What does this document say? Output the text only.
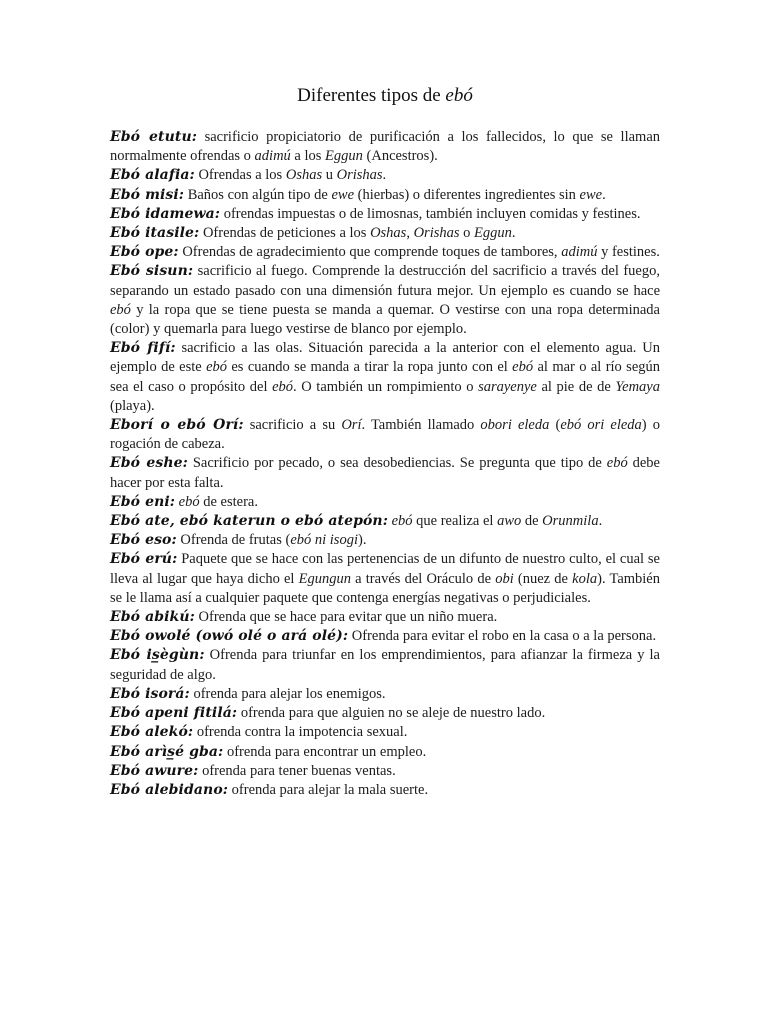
Diferentes tipos de ebó

Ebó etutu: sacrificio propiciatorio de purificación a los fallecidos, lo que se llaman normalmente ofrendas o adimú a los Eggun (Ancestros).

Ebó alafia: Ofrendas a los Oshas u Orishas.

Ebó misi: Baños con algún tipo de ewe (hierbas) o diferentes ingredientes sin ewe.

Ebó idamewa: ofrendas impuestas o de limosnas, también incluyen comidas y festines.

Ebó itasile: Ofrendas de peticiones a los Oshas, Orishas o Eggun.

Ebó ope: Ofrendas de agradecimiento que comprende toques de tambores, adimú y festines.

Ebó sisun: sacrificio al fuego. Comprende la destrucción del sacrificio a través del fuego, separando un estado pasado con una dimensión futura mejor. Un ejemplo es cuando se hace ebó y la ropa que se tiene puesta se manda a quemar. O vestirse con una ropa determinada (color) y quemarla para luego vestirse de blanco por ejemplo.

Ebó fifí: sacrificio a las olas. Situación parecida a la anterior con el elemento agua. Un ejemplo de este ebó es cuando se manda a tirar la ropa junto con el ebó al mar o al río según sea el caso o propósito del ebó. O también un rompimiento o sarayenye al pie de de Yemaya (playa).

Eborí o ebó Orí: sacrificio a su Orí. También llamado obori eleda (ebó ori eleda) o rogación de cabeza.

Ebó eshe: Sacrificio por pecado, o sea desobediencias. Se pregunta que tipo de ebó debe hacer por esta falta.

Ebó eni: ebó de estera.

Ebó ate, ebó katerun o ebó atepón: ebó que realiza el awo de Orunmila.

Ebó eso: Ofrenda de frutas (ebó ni isogi).

Ebó erú: Paquete que se hace con las pertenencias de un difunto de nuestro culto, el cual se lleva al lugar que haya dicho el Egungun a través del Oráculo de obi (nuez de kola). También se le llama así a cualquier paquete que contenga energías negativas o perjudiciales.

Ebó abikú: Ofrenda que se hace para evitar que un niño muera.

Ebó owolé (owó olé o ará olé): Ofrenda para evitar el robo en la casa o a la persona.

Ebó is̲ègùn: Ofrenda para triunfar en los emprendimientos, para afianzar la firmeza y la seguridad de algo.

Ebó isorá: ofrenda para alejar los enemigos.

Ebó apeni fitilá: ofrenda para que alguien no se aleje de nuestro lado.

Ebó alekó: ofrenda contra la impotencia sexual.

Ebó arìs̲é gba: ofrenda para encontrar un empleo.

Ebó awure: ofrenda para tener buenas ventas.

Ebó alebidano: ofrenda para alejar la mala suerte.
